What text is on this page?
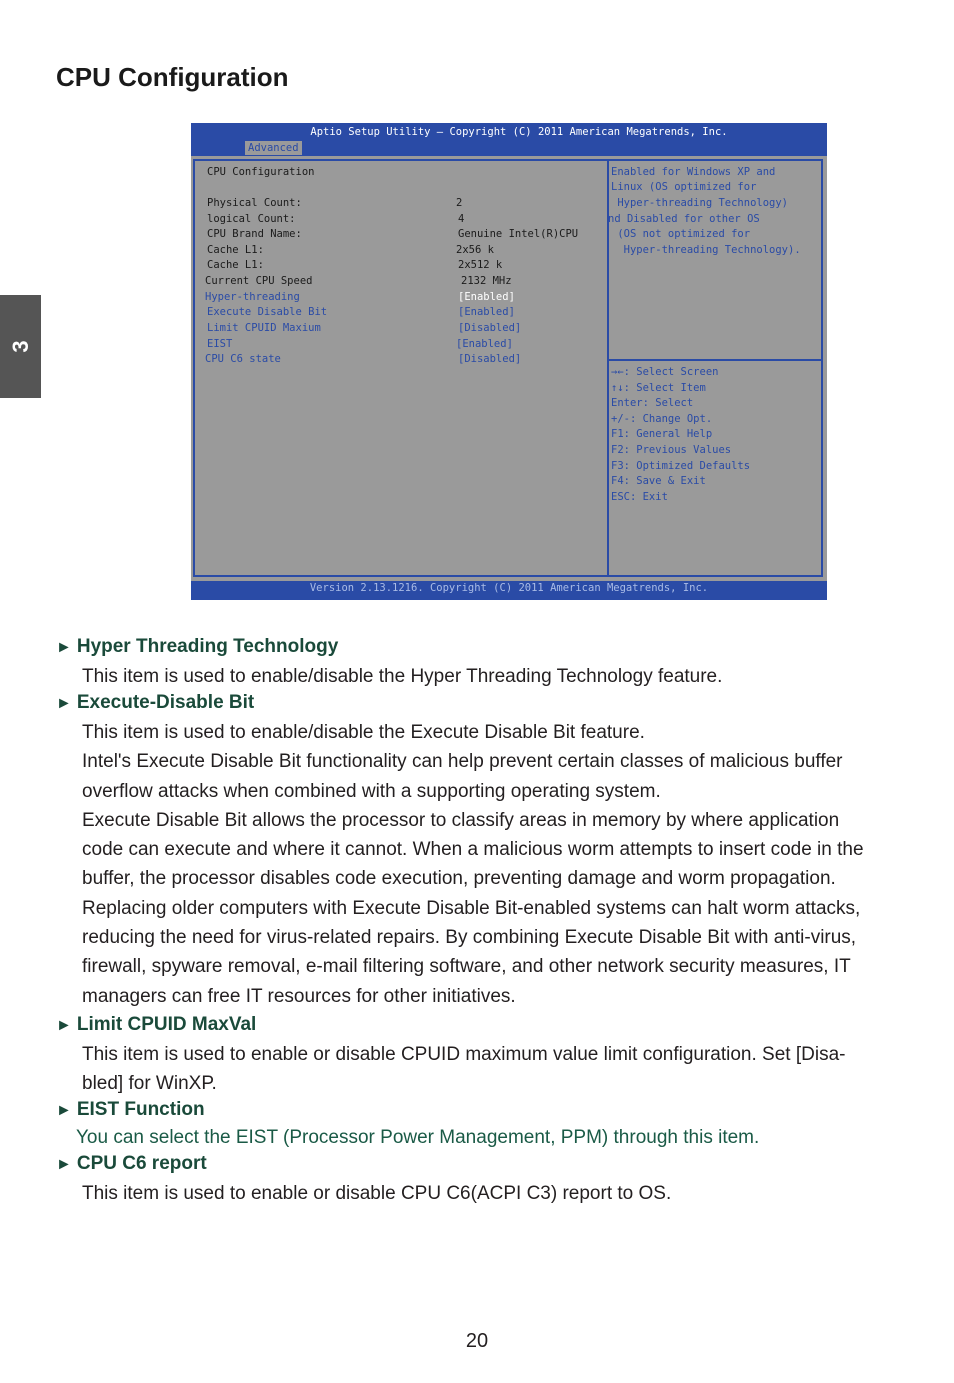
CPU Configuration
3
Aptio Setup Utility – Copyright (C) 2011 American Megatrends, Inc.
Advanced
CPU Configuration
Physical Count:	2
logical Count:	4
CPU Brand Name:	Genuine Intel(R)CPU
Cache L1:	2x56 k
Cache L1:	2x512 k
Current CPU Speed	2132 MHz
Hyper-threading	[Enabled]
Execute Disable Bit	[Enabled]
Limit CPUID Maxium	[Disabled]
EIST	[Enabled]
CPU C6 state	[Disabled]
Enabled for Windows XP and
Linux (OS optimized for
Hyper-threading Technology)
nd Disabled for other OS
(OS not optimized for
Hyper-threading Technology).
→←: Select Screen
↑↓: Select Item
Enter: Select
+/-: Change Opt.
F1: General Help
F2: Previous Values
F3: Optimized Defaults
F4: Save & Exit
ESC: Exit
Version 2.13.1216. Copyright (C) 2011 American Megatrends, Inc.
► Hyper Threading Technology
This item is used to enable/disable the Hyper Threading Technology feature.
► Execute-Disable Bit
This item is used to enable/disable the Execute Disable Bit feature.
Intel's Execute Disable Bit functionality can help prevent certain classes of malicious buffer
overflow attacks when combined with a supporting operating system.
Execute Disable Bit allows the processor to classify areas in memory by where application
code can execute and where it cannot. When a malicious worm attempts to insert code in the
buffer, the processor disables code execution, preventing damage and worm propagation.
Replacing older computers with Execute Disable Bit-enabled systems can halt worm attacks,
reducing the need for virus-related repairs. By combining Execute Disable Bit with anti-virus,
firewall, spyware removal, e-mail filtering software, and other network security measures, IT
managers can free IT resources for other initiatives.
► Limit CPUID MaxVal
This item is used to enable or disable CPUID maximum value limit configuration. Set [Disa-
bled] for WinXP.
► EIST Function
You can select the EIST (Processor Power Management, PPM) through this item.
► CPU C6 report
This item is used to enable or disable CPU C6(ACPI C3) report to OS.
20
